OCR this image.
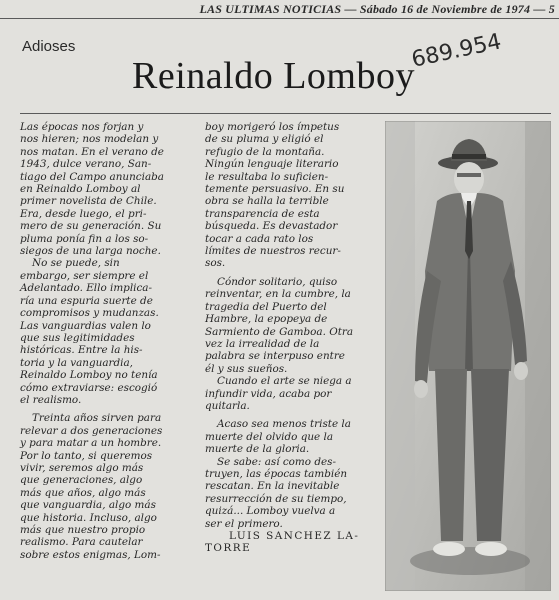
LAS ULTIMAS NOTICIAS — Sábado 16 de Noviembre de 1974 — 5
Adioses
Reinaldo Lomboy
689.954
Las épocas nos forjan y
nos hieren; nos modelan y
nos matan. En el verano de
1943, dulce verano, San-
tiago del Campo anunciaba
en Reinaldo Lomboy al
primer novelista de Chile.
Era, desde luego, el pri-
mero de su generación. Su
pluma ponía fin a los so-
siegos de una larga noche.
No se puede, sin
embargo, ser siempre el
Adelantado. Ello implica-
ría una espuria suerte de
compromisos y mudanzas.
Las vanguardias valen lo
que sus legitimidades
históricas. Entre la his-
toria y la vanguardia,
Reinaldo Lomboy no tenía
cómo extraviarse: escogió
el realismo.
Treinta años sirven para
relevar a dos generaciones
y para matar a un hombre.
Por lo tanto, si queremos
vivir, seremos algo más
que generaciones, algo
más que años, algo más
que vanguardia, algo más
que historia. Incluso, algo
más que nuestro propio
realismo. Para cautelar
sobre estos enigmas, Lom-
boy morigeró los ímpetus
de su pluma y eligió el
refugio de la montaña.
Ningún lenguaje literario
le resultaba lo suficien-
temente persuasivo. En su
obra se halla la terrible
transparencia de esta
búsqueda. Es devastador
tocar a cada rato los
límites de nuestros recur-
sos.
Cóndor solitario, quiso
reinventar, en la cumbre, la
tragedia del Puerto del
Hambre, la epopeya de
Sarmiento de Gamboa. Otra
vez la irrealidad de la
palabra se interpuso entre
él y sus sueños.
Cuando el arte se niega a
infundir vida, acaba por
quitarla.
Acaso sea menos triste la
muerte del olvido que la
muerte de la gloria.
Se sabe: así como des-
truyen, las épocas también
rescatan. En la inevitable
resurrección de su tiempo,
quizá... Lomboy vuelva a
ser el primero.
LUIS SANCHEZ LA-
TORRE
